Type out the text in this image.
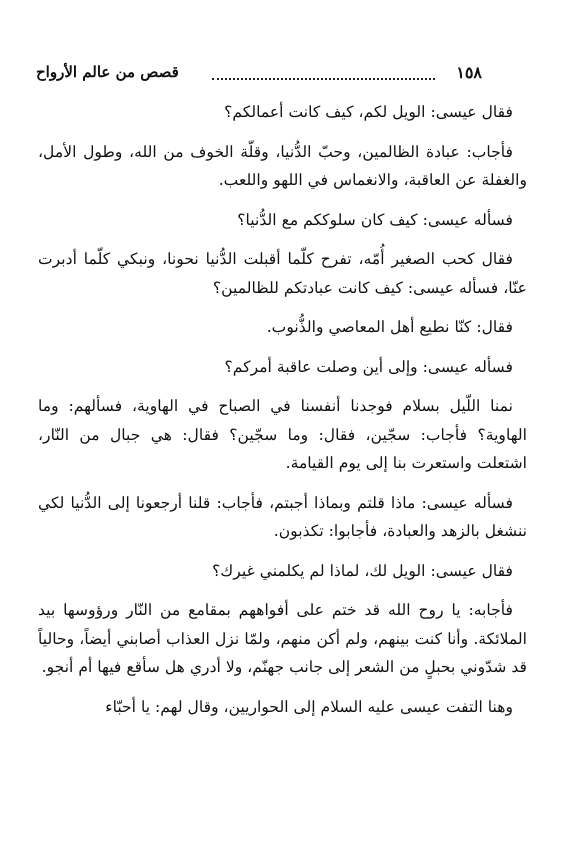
١٥٨
قصص من عالم الأرواح

فقال عيسى: الويل لكم، كيف كانت أعمالكم؟

فأجاب: عبادة الظالمين، وحبّ الدُّنيا، وقلّة الخوف من الله، وطول الأمل، والغفلة عن العاقبة، والانغماس في اللهو واللعب.

فسأله عيسى: كيف كان سلوككم مع الدُّنيا؟

فقال كحب الصغير أُمّه، تفرح كلّما أقبلت الدُّنيا نحونا، ونبكي كلّما أدبرت عنّا، فسأله عيسى: كيف كانت عبادتكم للظالمين؟

فقال: كنّا نطيع أهل المعاصي والذُّنوب.

فسأله عيسى: وإلى أين وصلت عاقبة أمركم؟

نمنا اللّيل بسلام فوجدنا أنفسنا في الصباح في الهاوية، فسألهم: وما الهاوية؟ فأجاب: سجّين، فقال: وما سجّين؟ فقال: هي جبال من النّار، اشتعلت واستعرت بنا إلى يوم القيامة.

فسأله عيسى: ماذا قلتم وبماذا أجبتم، فأجاب: قلنا أرجعونا إلى الدُّنيا لكي ننشغل بالزهد والعبادة، فأجابوا: تكذبون.

فقال عيسى: الويل لك، لماذا لم يكلمني غيرك؟

فأجابه: يا روح الله قد ختم على أفواههم بمقامع من النّار ورؤوسها بيد الملائكة. وأنا كنت بينهم، ولم أكن منهم، ولمّا نزل العذاب أصابني أيضاً، وحالياً قد شدّوني بحبلٍ من الشعر إلى جانب جهنّم، ولا أدري هل سأقع فيها أم أنجو.

وهنا التفت عيسى عليه السلام إلى الحواريين، وقال لهم: يا أحبّاء
